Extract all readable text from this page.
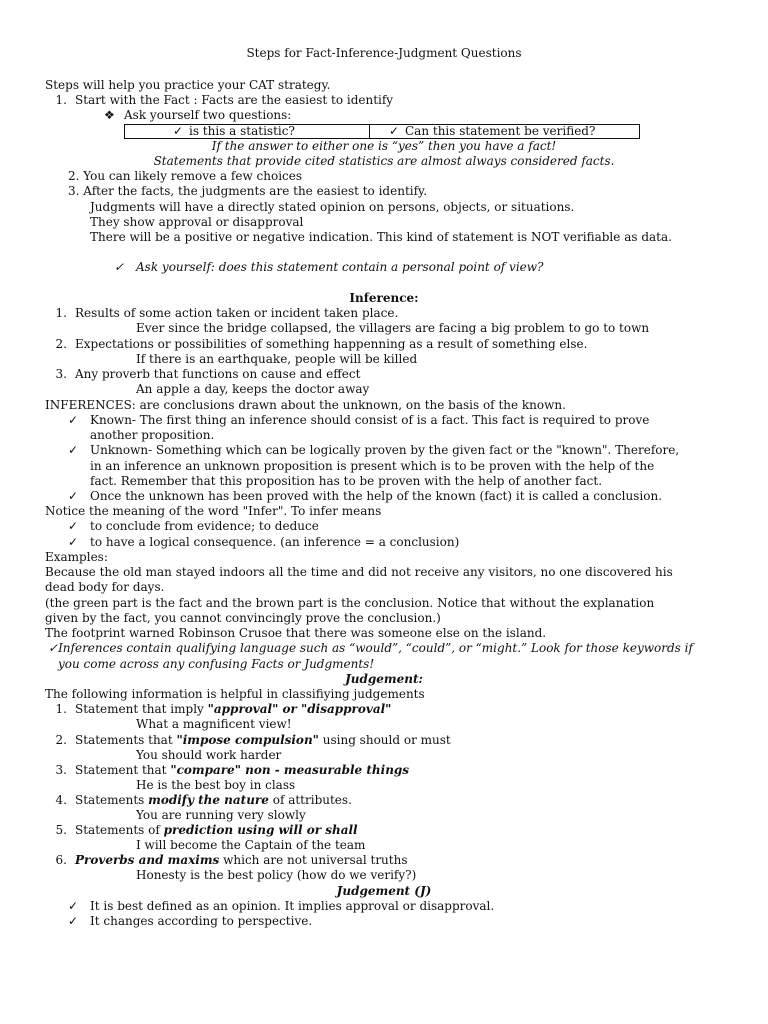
Steps for Fact-Inference-Judgment Questions
Steps will help you practice your CAT strategy.
1. Start with the Fact : Facts are the easiest to identify
❖ Ask yourself two questions:
✓ is this a statistic?	✓ Can this statement be verified?
If the answer to either one is “yes” then you have a fact!
Statements that provide cited statistics are almost always considered facts.
2. You can likely remove a few choices
3. After the facts, the judgments are the easiest to identify.
Judgments will have a directly stated opinion on persons, objects, or situations.
They show approval or disapproval
There will be a positive or negative indication. This kind of statement is NOT verifiable as data.
✓ Ask yourself: does this statement contain a personal point of view?
Inference:
1. Results of some action taken or incident taken place.
Ever since the bridge collapsed, the villagers are facing a big problem to go to town
2. Expectations or possibilities of something happenning as a result of something else.
If there is an earthquake, people will be killed
3. Any proverb that functions on cause and effect
An apple a day, keeps the doctor away
INFERENCES: are conclusions drawn about the unknown, on the basis of the known.
✓ Known- The first thing an inference should consist of is a fact. This fact is required to prove
another proposition.
✓ Unknown- Something which can be logically proven by the given fact or the "known". Therefore,
in an inference an unknown proposition is present which is to be proven with the help of the
fact. Remember that this proposition has to be proven with the help of another fact.
✓ Once the unknown has been proved with the help of the known (fact) it is called a conclusion.
Notice the meaning of the word "Infer". To infer means
✓ to conclude from evidence; to deduce
✓ to have a logical consequence. (an inference = a conclusion)
Examples:
Because the old man stayed indoors all the time and did not receive any visitors, no one discovered his
dead body for days.
(the green part is the fact and the brown part is the conclusion. Notice that without the explanation
given by the fact, you cannot convincingly prove the conclusion.)
The footprint warned Robinson Crusoe that there was someone else on the island.
✓Inferences contain qualifying language such as “would”, “could”, or “might.” Look for those keywords if
you come across any confusing Facts or Judgments!
Judgement:
The following information is helpful in classifiying judgements
1. Statement that imply "approval" or "disapproval"
What a magnificent view!
2. Statements that "impose compulsion" using should or must
You should work harder
3. Statement that "compare" non - measurable things
He is the best boy in class
4. Statements modify the nature of attributes.
You are running very slowly
5. Statements of prediction using will or shall
I will become the Captain of the team
6. Proverbs and maxims which are not universal truths
Honesty is the best policy (how do we verify?)
Judgement (J)
✓ It is best defined as an opinion. It implies approval or disapproval.
✓ It changes according to perspective.
